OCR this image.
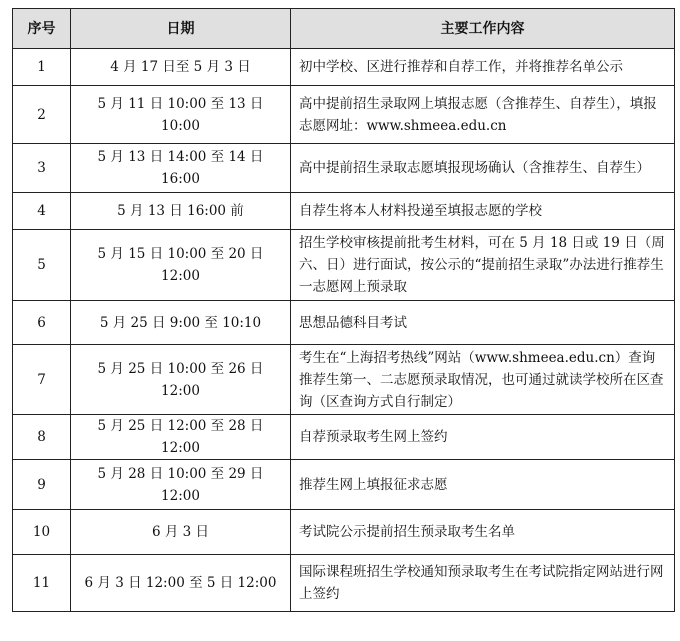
序号	日期	主要工作内容
1	4 月 17 日至 5 月 3 日	初中学校、区进行推荐和自荐工作，并将推荐名单公示
2	5 月 11 日 10:00 至 13 日 10:00	高中提前招生录取网上填报志愿（含推荐生、自荐生），填报志愿网址：www.shmeea.edu.cn
3	5 月 13 日 14:00 至 14 日 16:00	高中提前招生录取志愿填报现场确认（含推荐生、自荐生）
4	5 月 13 日 16:00 前	自荐生将本人材料投递至填报志愿的学校
5	5 月 15 日 10:00 至 20 日 12:00	招生学校审核提前批考生材料，可在 5 月 18 日或 19 日（周六、日）进行面试，按公示的“提前招生录取”办法进行推荐生一志愿网上预录取
6	5 月 25 日 9:00 至 10:10	思想品德科目考试
7	5 月 25 日 10:00 至 26 日 12:00	考生在“上海招考热线”网站（www.shmeea.edu.cn）查询推荐生第一、二志愿预录取情况，也可通过就读学校所在区查询（区查询方式自行制定）
8	5 月 25 日 12:00 至 28 日 12:00	自荐预录取考生网上签约
9	5 月 28 日 10:00 至 29 日 12:00	推荐生网上填报征求志愿
10	6 月 3 日	考试院公示提前招生预录取考生名单
11	6 月 3 日 12:00 至 5 日 12:00	国际课程班招生学校通知预录取考生在考试院指定网站进行网上签约
